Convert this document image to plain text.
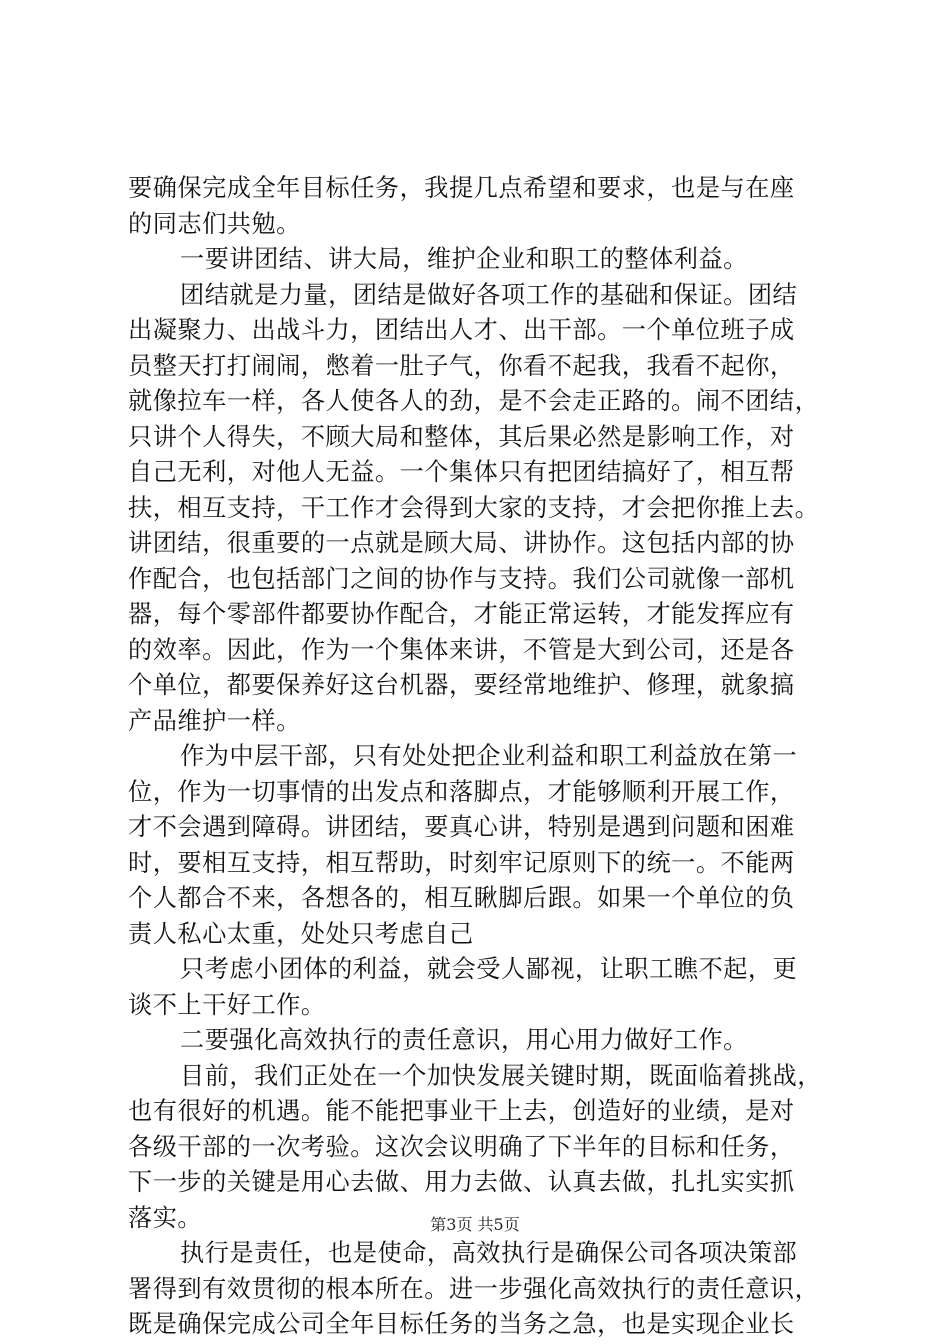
要确保完成全年目标任务，我提几点希望和要求，也是与在座
的同志们共勉。
一要讲团结、讲大局，维护企业和职工的整体利益。
团结就是力量，团结是做好各项工作的基础和保证。团结
出凝聚力、出战斗力，团结出人才、出干部。一个单位班子成
员整天打打闹闹，憋着一肚子气，你看不起我，我看不起你，
就像拉车一样，各人使各人的劲，是不会走正路的。闹不团结，
只讲个人得失，不顾大局和整体，其后果必然是影响工作，对
自己无利，对他人无益。一个集体只有把团结搞好了，相互帮
扶，相互支持，干工作才会得到大家的支持，才会把你推上去。
讲团结，很重要的一点就是顾大局、讲协作。这包括内部的协
作配合，也包括部门之间的协作与支持。我们公司就像一部机
器，每个零部件都要协作配合，才能正常运转，才能发挥应有
的效率。因此，作为一个集体来讲，不管是大到公司，还是各
个单位，都要保养好这台机器，要经常地维护、修理，就象搞
产品维护一样。
作为中层干部，只有处处把企业利益和职工利益放在第一
位，作为一切事情的出发点和落脚点，才能够顺利开展工作，
才不会遇到障碍。讲团结，要真心讲，特别是遇到问题和困难
时，要相互支持，相互帮助，时刻牢记原则下的统一。不能两
个人都合不来，各想各的，相互瞅脚后跟。如果一个单位的负
责人私心太重，处处只考虑自己
只考虑小团体的利益，就会受人鄙视，让职工瞧不起，更
谈不上干好工作。
二要强化高效执行的责任意识，用心用力做好工作。
目前，我们正处在一个加快发展关键时期，既面临着挑战，
也有很好的机遇。能不能把事业干上去，创造好的业绩，是对
各级干部的一次考验。这次会议明确了下半年的目标和任务，
下一步的关键是用心去做、用力去做、认真去做，扎扎实实抓
落实。
执行是责任，也是使命，高效执行是确保公司各项决策部
署得到有效贯彻的根本所在。进一步强化高效执行的责任意识，
既是确保完成公司全年目标任务的当务之急，也是实现企业长
第3页 共5页
